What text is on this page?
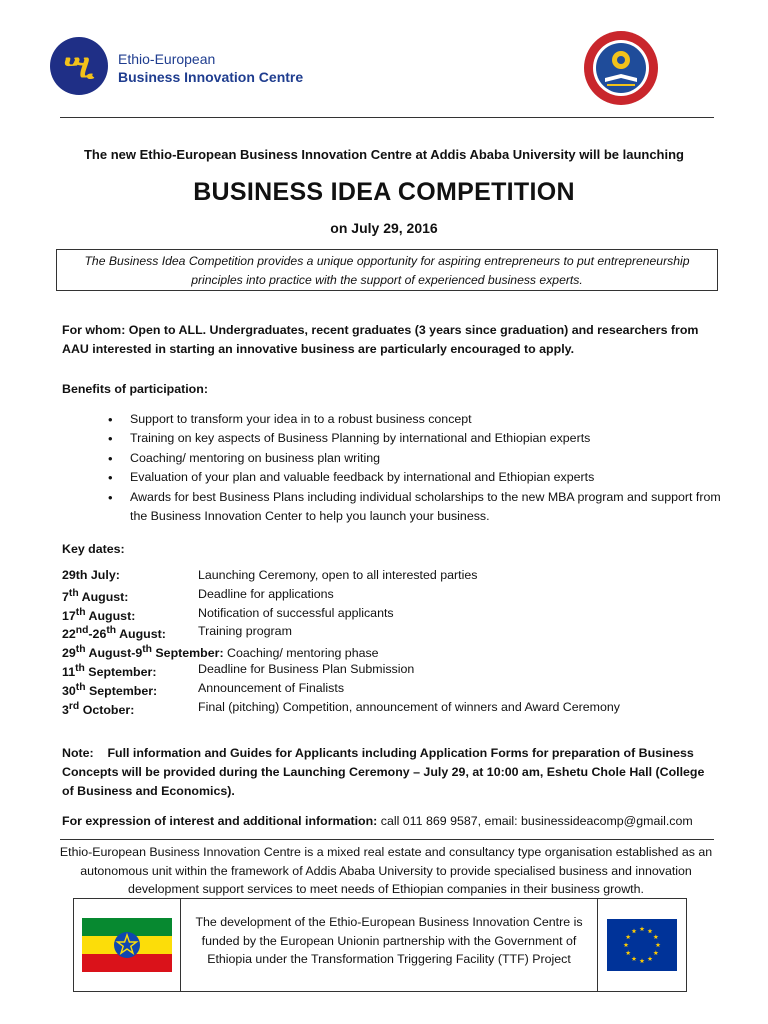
ሢ Ethio-European
Business Innovation Centre
The new Ethio-European Business Innovation Centre at Addis Ababa University will be launching
BUSINESS IDEA COMPETITION
on July 29, 2016
The Business Idea Competition provides a unique opportunity for aspiring entrepreneurs to put entrepreneurship
principles into practice with the support of experienced business experts.
For whom: Open to ALL. Undergraduates, recent graduates (3 years since graduation) and researchers from AAU interested in starting an innovative business are particularly encouraged to apply.
Benefits of participation:
• Support to transform your idea in to a robust business concept
• Training on key aspects of Business Planning by international and Ethiopian experts
• Coaching/ mentoring on business plan writing
• Evaluation of your plan and valuable feedback by international and Ethiopian experts
• Awards for best Business Plans including individual scholarships to the new MBA program and support from the Business Innovation Center to help you launch your business.
Key dates:
29th July:	Launching Ceremony, open to all interested parties
7th August:	Deadline for applications
17th August:	Notification of successful applicants
22nd-26th August:	Training program
29th August-9th September: Coaching/ mentoring phase
11th September:	Deadline for Business Plan Submission
30th September:	Announcement of Finalists
3rd October:	Final (pitching) Competition, announcement of winners and Award Ceremony
Note: Full information and Guides for Applicants including Application Forms for preparation of Business Concepts will be provided during the Launching Ceremony – July 29, at 10:00 am, Eshetu Chole Hall (College of Business and Economics).
For expression of interest and additional information: call 011 869 9587, email: businessideacomp@gmail.com
Ethio-European Business Innovation Centre is a mixed real estate and consultancy type organisation established as an autonomous unit within the framework of Addis Ababa University to provide specialised business and innovation development support services to meet needs of Ethiopian companies in their business growth.
The development of the Ethio-European Business Innovation Centre is funded by the European Unionin partnership with the Government of Ethiopia under the Transformation Triggering Facility (TTF) Project
